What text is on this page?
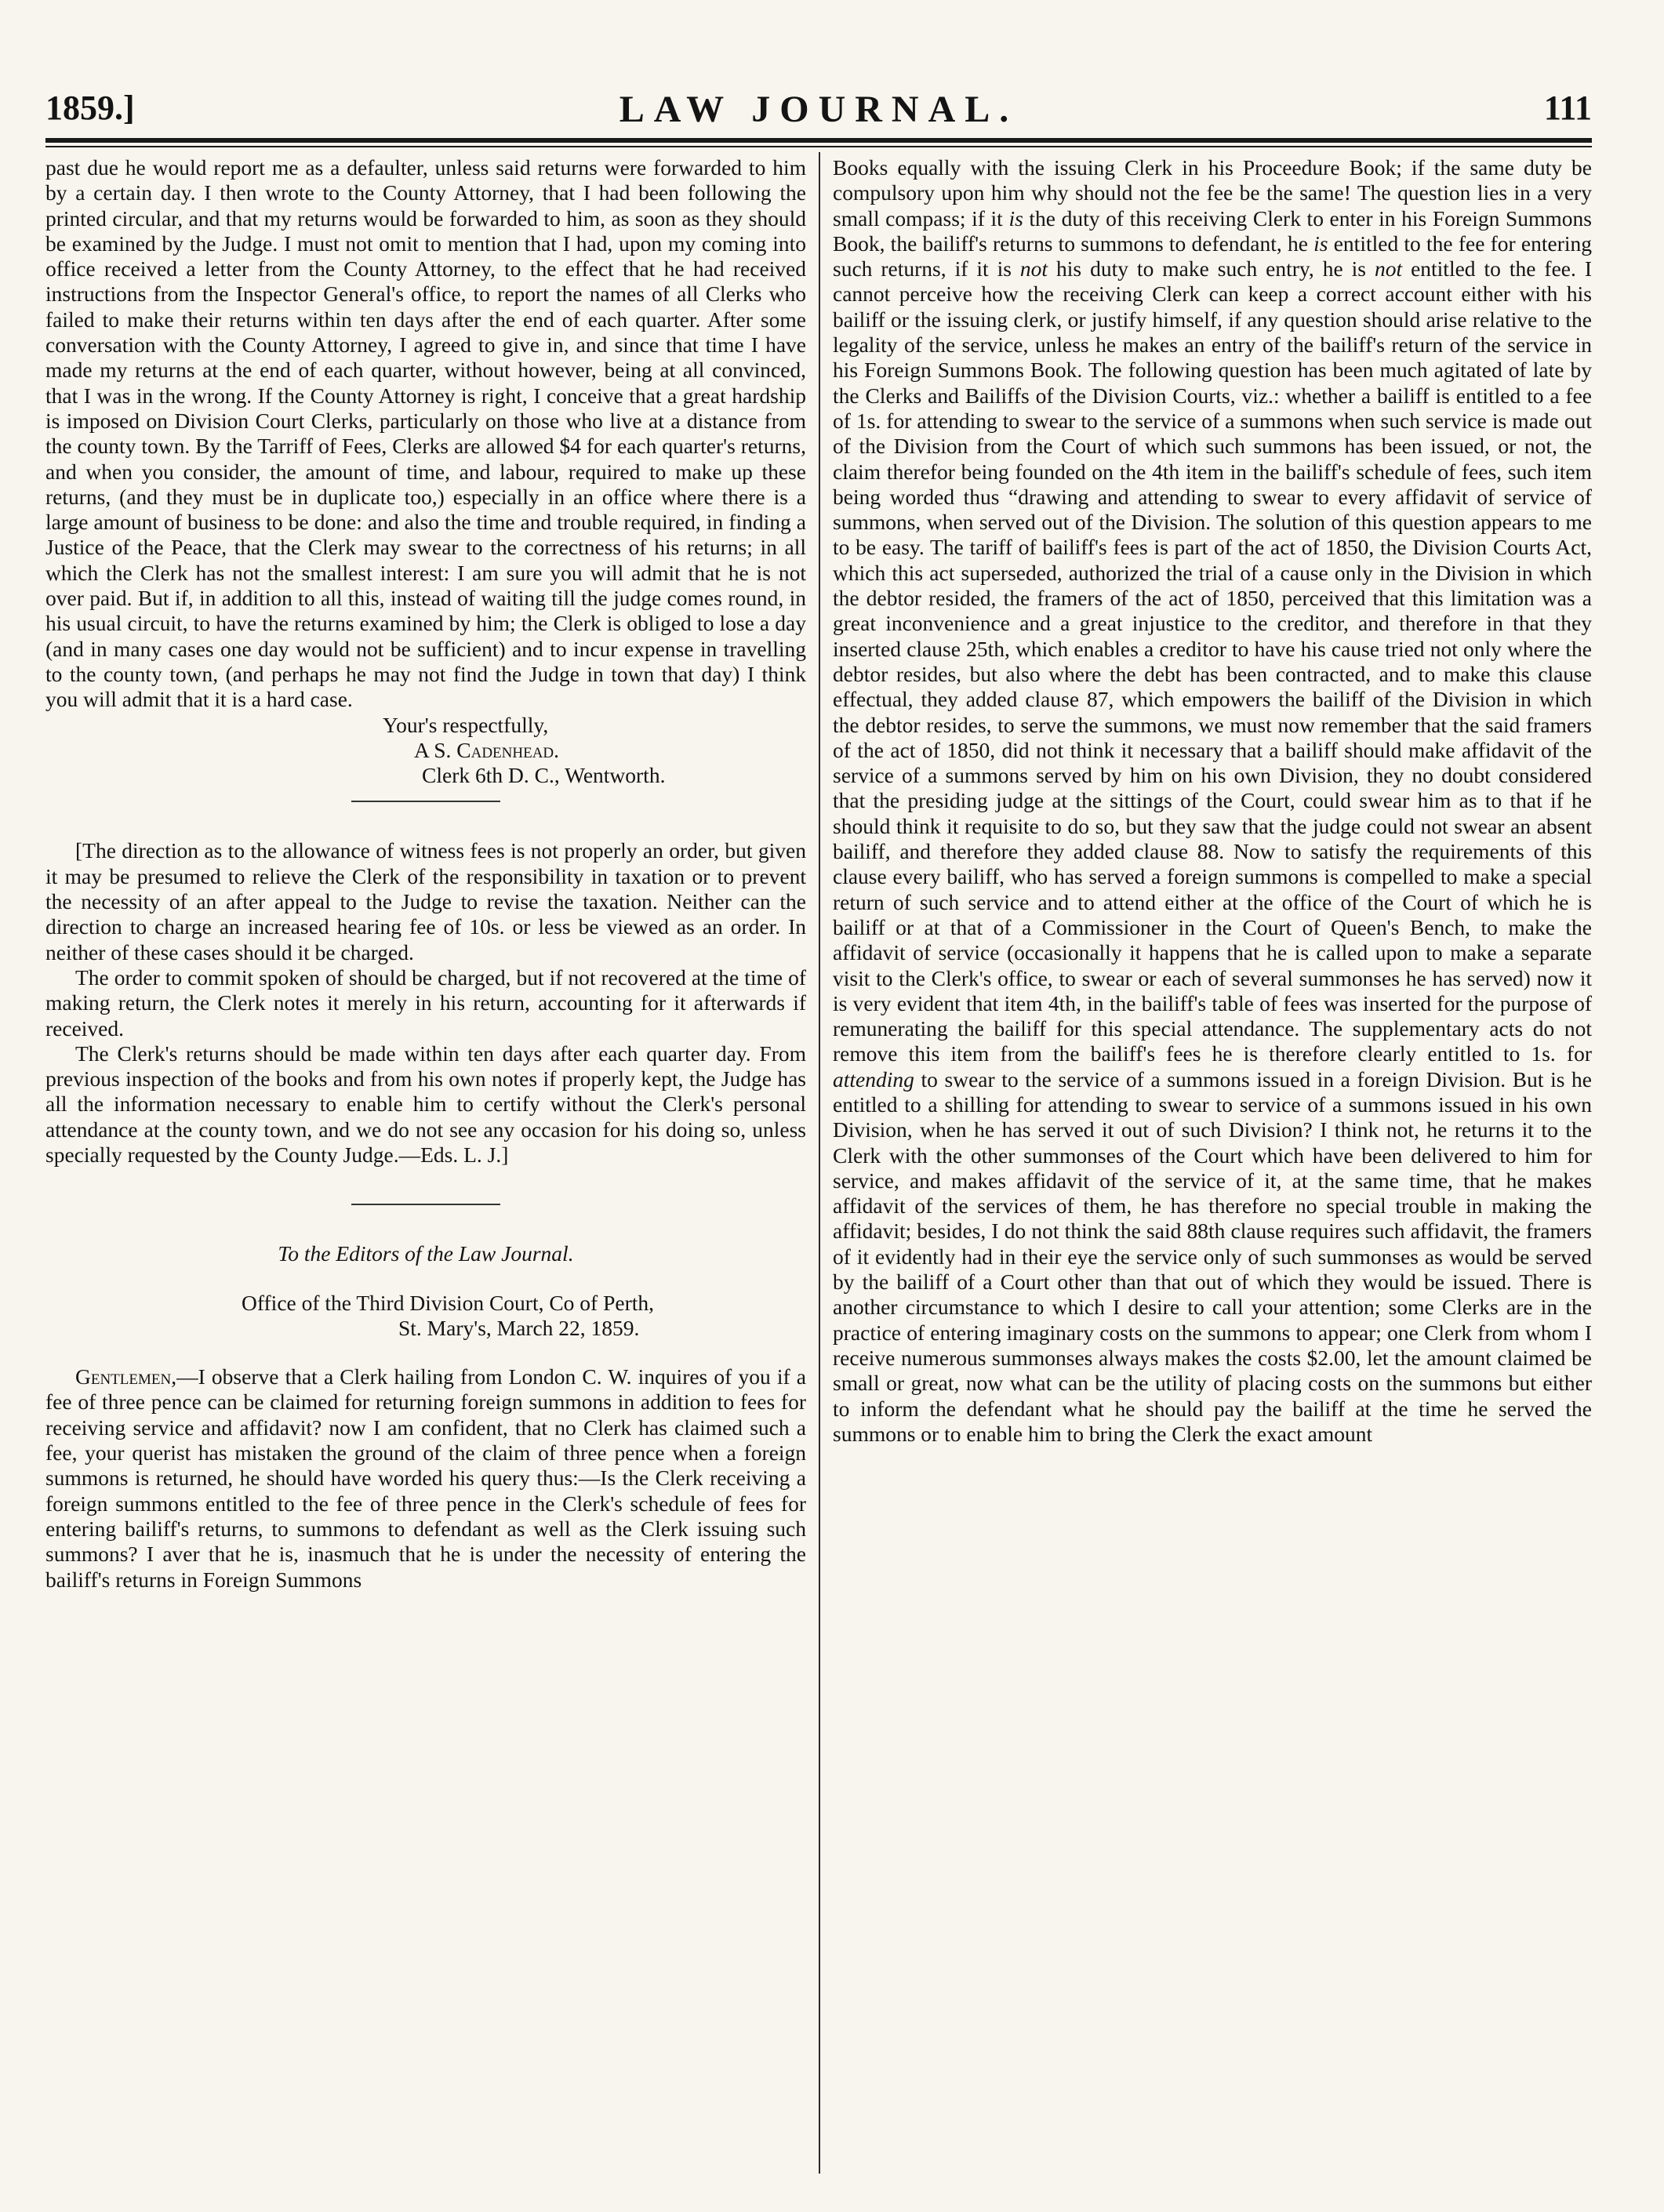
1859.]	LAW JOURNAL.	111

past due he would report me as a defaulter, unless said returns were forwarded to him by a certain day. I then wrote to the County Attorney, that I had been following the printed circular, and that my returns would be forwarded to him, as soon as they should be examined by the Judge. I must not omit to mention that I had, upon my coming into office received a letter from the County Attorney, to the effect that he had received instructions from the Inspector General's office, to report the names of all Clerks who failed to make their returns within ten days after the end of each quarter. After some conversation with the County Attorney, I agreed to give in, and since that time I have made my returns at the end of each quarter, without however, being at all convinced, that I was in the wrong. If the County Attorney is right, I conceive that a great hardship is imposed on Division Court Clerks, particularly on those who live at a distance from the county town. By the Tarriff of Fees, Clerks are allowed $4 for each quarter's returns, and when you consider, the amount of time, and labour, required to make up these returns, (and they must be in duplicate too,) especially in an office where there is a large amount of business to be done: and also the time and trouble required, in finding a Justice of the Peace, that the Clerk may swear to the correctness of his returns; in all which the Clerk has not the smallest interest: I am sure you will admit that he is not over paid. But if, in addition to all this, instead of waiting till the judge comes round, in his usual circuit, to have the returns examined by him; the Clerk is obliged to lose a day (and in many cases one day would not be sufficient) and to incur expense in travelling to the county town, (and perhaps he may not find the Judge in town that day) I think you will admit that it is a hard case.

Your's respectfully,

A S. Cadenhead.

Clerk 6th D. C., Wentworth.

[The direction as to the allowance of witness fees is not properly an order, but given it may be presumed to relieve the Clerk of the responsibility in taxation or to prevent the necessity of an after appeal to the Judge to revise the taxation. Neither can the direction to charge an increased hearing fee of 10s. or less be viewed as an order. In neither of these cases should it be charged.

The order to commit spoken of should be charged, but if not recovered at the time of making return, the Clerk notes it merely in his return, accounting for it afterwards if received.

The Clerk's returns should be made within ten days after each quarter day. From previous inspection of the books and from his own notes if properly kept, the Judge has all the information necessary to enable him to certify without the Clerk's personal attendance at the county town, and we do not see any occasion for his doing so, unless specially requested by the County Judge.—Eds. L. J.]

To the Editors of the Law Journal.

Office of the Third Division Court, Co of Perth,

St. Mary's, March 22, 1859.

Gentlemen,—I observe that a Clerk hailing from London C. W. inquires of you if a fee of three pence can be claimed for returning foreign summons in addition to fees for receiving service and affidavit? now I am confident, that no Clerk has claimed such a fee, your querist has mistaken the ground of the claim of three pence when a foreign summons is returned, he should have worded his query thus:—Is the Clerk receiving a foreign summons entitled to the fee of three pence in the Clerk's schedule of fees for entering bailiff's returns, to summons to defendant as well as the Clerk issuing such summons? I aver that he is, inasmuch that he is under the necessity of entering the bailiff's returns in Foreign Summons

Books equally with the issuing Clerk in his Proceedure Book; if the same duty be compulsory upon him why should not the fee be the same! The question lies in a very small compass; if it is the duty of this receiving Clerk to enter in his Foreign Summons Book, the bailiff's returns to summons to defendant, he is entitled to the fee for entering such returns, if it is not his duty to make such entry, he is not entitled to the fee. I cannot perceive how the receiving Clerk can keep a correct account either with his bailiff or the issuing clerk, or justify himself, if any question should arise relative to the legality of the service, unless he makes an entry of the bailiff's return of the service in his Foreign Summons Book. The following question has been much agitated of late by the Clerks and Bailiffs of the Division Courts, viz.: whether a bailiff is entitled to a fee of 1s. for attending to swear to the service of a summons when such service is made out of the Division from the Court of which such summons has been issued, or not, the claim therefor being founded on the 4th item in the bailiff's schedule of fees, such item being worded thus “drawing and attending to swear to every affidavit of service of summons, when served out of the Division. The solution of this question appears to me to be easy. The tariff of bailiff's fees is part of the act of 1850, the Division Courts Act, which this act superseded, authorized the trial of a cause only in the Division in which the debtor resided, the framers of the act of 1850, perceived that this limitation was a great inconvenience and a great injustice to the creditor, and therefore in that they inserted clause 25th, which enables a creditor to have his cause tried not only where the debtor resides, but also where the debt has been contracted, and to make this clause effectual, they added clause 87, which empowers the bailiff of the Division in which the debtor resides, to serve the summons, we must now remember that the said framers of the act of 1850, did not think it necessary that a bailiff should make affidavit of the service of a summons served by him on his own Division, they no doubt considered that the presiding judge at the sittings of the Court, could swear him as to that if he should think it requisite to do so, but they saw that the judge could not swear an absent bailiff, and therefore they added clause 88. Now to satisfy the requirements of this clause every bailiff, who has served a foreign summons is compelled to make a special return of such service and to attend either at the office of the Court of which he is bailiff or at that of a Commissioner in the Court of Queen's Bench, to make the affidavit of service (occasionally it happens that he is called upon to make a separate visit to the Clerk's office, to swear or each of several summonses he has served) now it is very evident that item 4th, in the bailiff's table of fees was inserted for the purpose of remunerating the bailiff for this special attendance. The supplementary acts do not remove this item from the bailiff's fees he is therefore clearly entitled to 1s. for attending to swear to the service of a summons issued in a foreign Division. But is he entitled to a shilling for attending to swear to service of a summons issued in his own Division, when he has served it out of such Division? I think not, he returns it to the Clerk with the other summonses of the Court which have been delivered to him for service, and makes affidavit of the service of it, at the same time, that he makes affidavit of the services of them, he has therefore no special trouble in making the affidavit; besides, I do not think the said 88th clause requires such affidavit, the framers of it evidently had in their eye the service only of such summonses as would be served by the bailiff of a Court other than that out of which they would be issued. There is another circumstance to which I desire to call your attention; some Clerks are in the practice of entering imaginary costs on the summons to appear; one Clerk from whom I receive numerous summonses always makes the costs $2.00, let the amount claimed be small or great, now what can be the utility of placing costs on the summons but either to inform the defendant what he should pay the bailiff at the time he served the summons or to enable him to bring the Clerk the exact amount
